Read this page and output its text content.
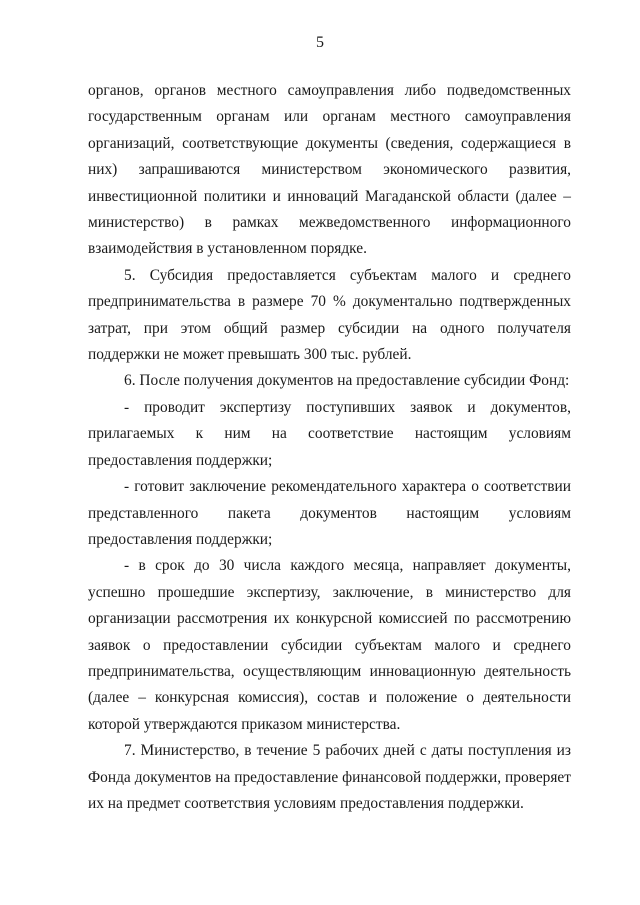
5

органов, органов местного самоуправления либо подведомственных государственным органам или органам местного самоуправления организаций, соответствующие документы (сведения, содержащиеся в них) запрашиваются министерством экономического развития, инвестиционной политики и инноваций Магаданской области (далее – министерство) в рамках межведомственного информационного взаимодействия в установленном порядке.

5. Субсидия предоставляется субъектам малого и среднего предпринимательства в размере 70 % документально подтвержденных затрат, при этом общий размер субсидии на одного получателя поддержки не может превышать 300 тыс. рублей.

6. После получения документов на предоставление субсидии Фонд:

- проводит экспертизу поступивших заявок и документов, прилагаемых к ним на соответствие настоящим условиям предоставления поддержки;

- готовит заключение рекомендательного характера о соответствии представленного пакета документов настоящим условиям предоставления поддержки;

- в срок до 30 числа каждого месяца, направляет документы, успешно прошедшие экспертизу, заключение, в министерство для организации рассмотрения их конкурсной комиссией по рассмотрению заявок о предоставлении субсидии субъектам малого и среднего предпринимательства, осуществляющим инновационную деятельность (далее – конкурсная комиссия), состав и положение о деятельности которой утверждаются приказом министерства.

7. Министерство, в течение 5 рабочих дней с даты поступления из Фонда документов на предоставление финансовой поддержки, проверяет их на предмет соответствия условиям предоставления поддержки.
